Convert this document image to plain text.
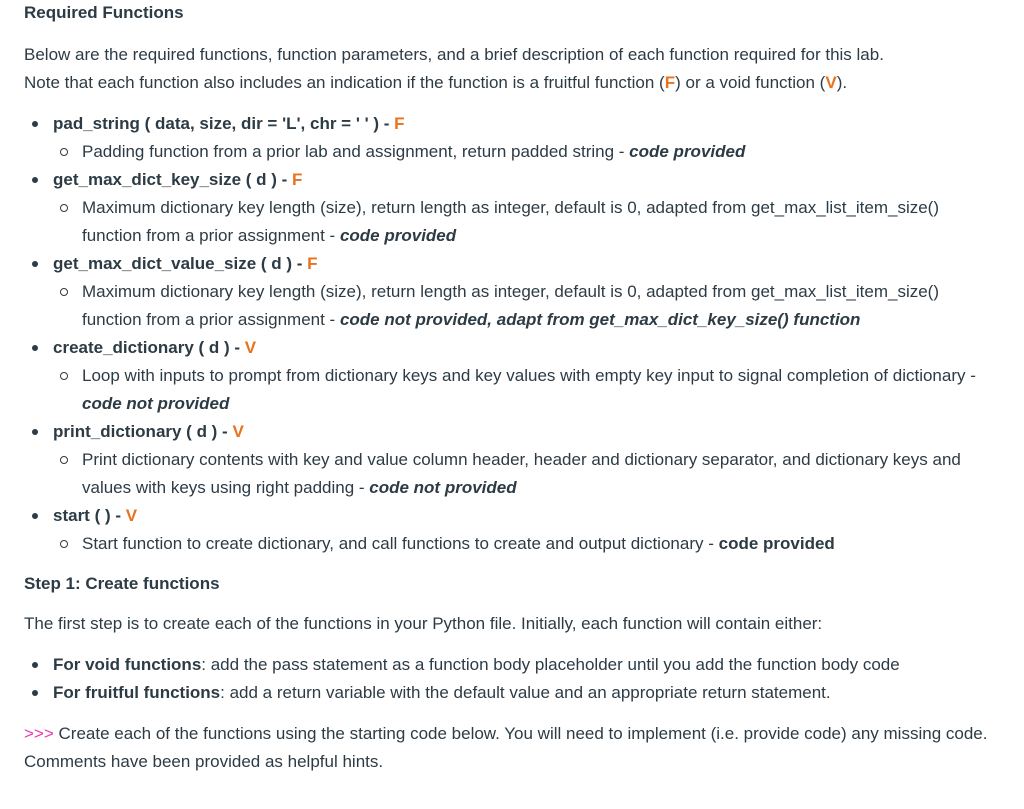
Required Functions

Below are the required functions, function parameters, and a brief description of each function required for this lab.
Note that each function also includes an indication if the function is a fruitful function (F) or a void function (V).

pad_string ( data, size, dir = 'L', chr = ' ' ) - F
Padding function from a prior lab and assignment, return padded string - code provided
get_max_dict_key_size ( d ) - F
Maximum dictionary key length (size), return length as integer, default is 0, adapted from get_max_list_item_size() function from a prior assignment - code provided
get_max_dict_value_size ( d ) - F
Maximum dictionary key length (size), return length as integer, default is 0, adapted from get_max_list_item_size() function from a prior assignment - code not provided, adapt from get_max_dict_key_size() function
create_dictionary ( d ) - V
Loop with inputs to prompt from dictionary keys and key values with empty key input to signal completion of dictionary - code not provided
print_dictionary ( d ) - V
Print dictionary contents with key and value column header, header and dictionary separator, and dictionary keys and values with keys using right padding - code not provided
start ( ) - V
Start function to create dictionary, and call functions to create and output dictionary - code provided
Step 1: Create functions

The first step is to create each of the functions in your Python file. Initially, each function will contain either:

For void functions: add the pass statement as a function body placeholder until you add the function body code
For fruitful functions: add a return variable with the default value and an appropriate return statement.

>>> Create each of the functions using the starting code below. You will need to implement (i.e. provide code) any missing code. Comments have been provided as helpful hints.
